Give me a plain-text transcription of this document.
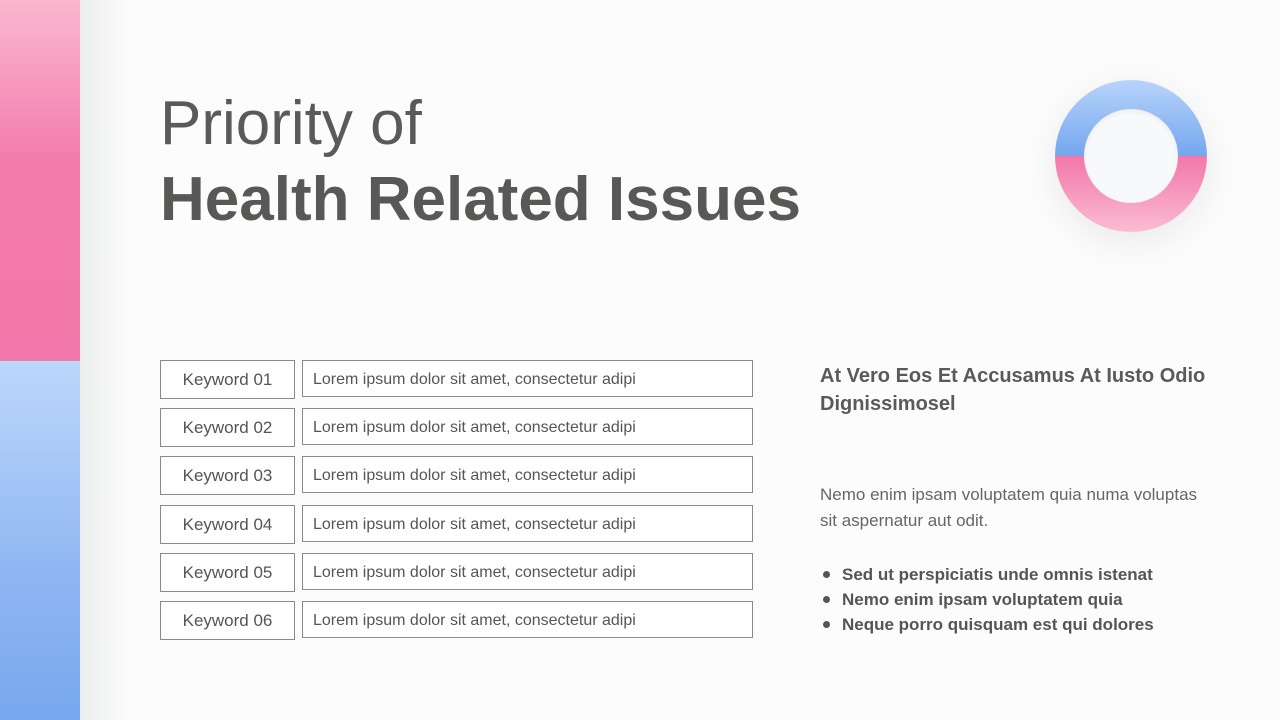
Priority of
Health Related Issues
Keyword 01	Lorem ipsum dolor sit amet, consectetur adipi
Keyword 02	Lorem ipsum dolor sit amet, consectetur adipi
Keyword 03	Lorem ipsum dolor sit amet, consectetur adipi
Keyword 04	Lorem ipsum dolor sit amet, consectetur adipi
Keyword 05	Lorem ipsum dolor sit amet, consectetur adipi
Keyword 06	Lorem ipsum dolor sit amet, consectetur adipi
At Vero Eos Et Accusamus At Iusto Odio Dignissimosel
Nemo enim ipsam voluptatem quia numa voluptas sit aspernatur aut odit.
Sed ut perspiciatis unde omnis istenat
Nemo enim ipsam voluptatem quia
Neque porro quisquam est qui dolores
